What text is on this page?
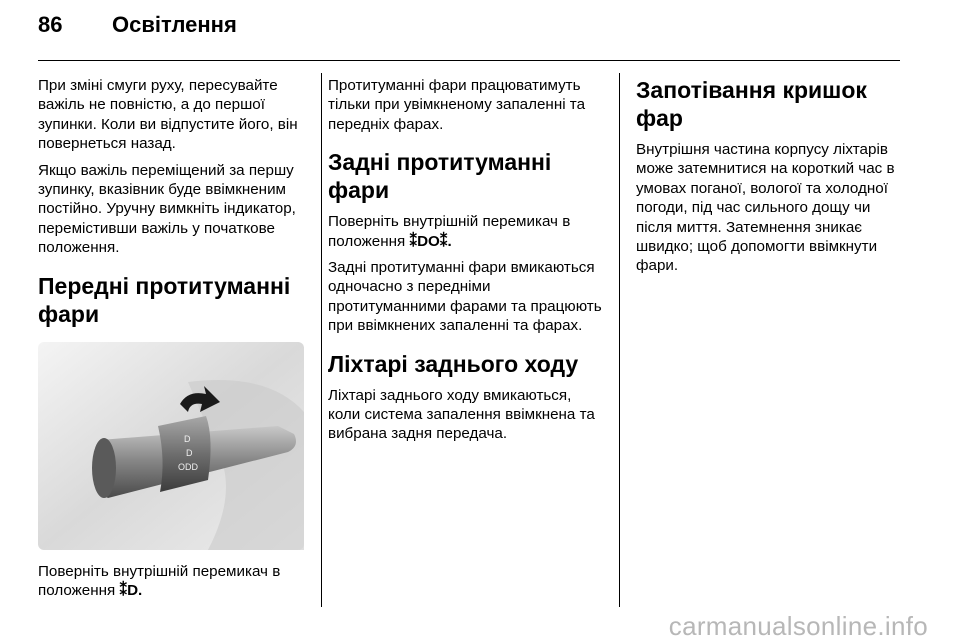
86 Освітлення

При зміні смуги руху, пересувайте важіль не повністю, а до першої зупинки. Коли ви відпустите його, він повернеться назад.

Якщо важіль переміщений за першу зупинку, вказівник буде ввімкненим постійно. Уручну вимкніть індикатор, перемістивши важіль у початкове положення.

Передні протитуманні фари
D
D
ODD

Поверніть внутрішній перемикач в положення ⁑D.

Протитуманні фари працюватимуть тільки при увімкненому запаленні та передніх фарах.

Задні протитуманні фари

Поверніть внутрішній перемикач в положення ⁑DO⁑.

Задні протитуманні фари вмикаються одночасно з передніми протитуманними фарами та працюють при ввімкнених запаленні та фарах.

Ліхтарі заднього ходу

Ліхтарі заднього ходу вмикаються, коли система запалення ввімкнена та вибрана задня передача.

Запотівання кришок фар

Внутрішня частина корпусу ліхтарів може затемнитися на короткий час в умовах поганої, вологої та холодної погоди, під час сильного дощу чи після миття. Затемнення зникає швидко; щоб допомогти ввімкнути фари.

carmanualsonline.info
